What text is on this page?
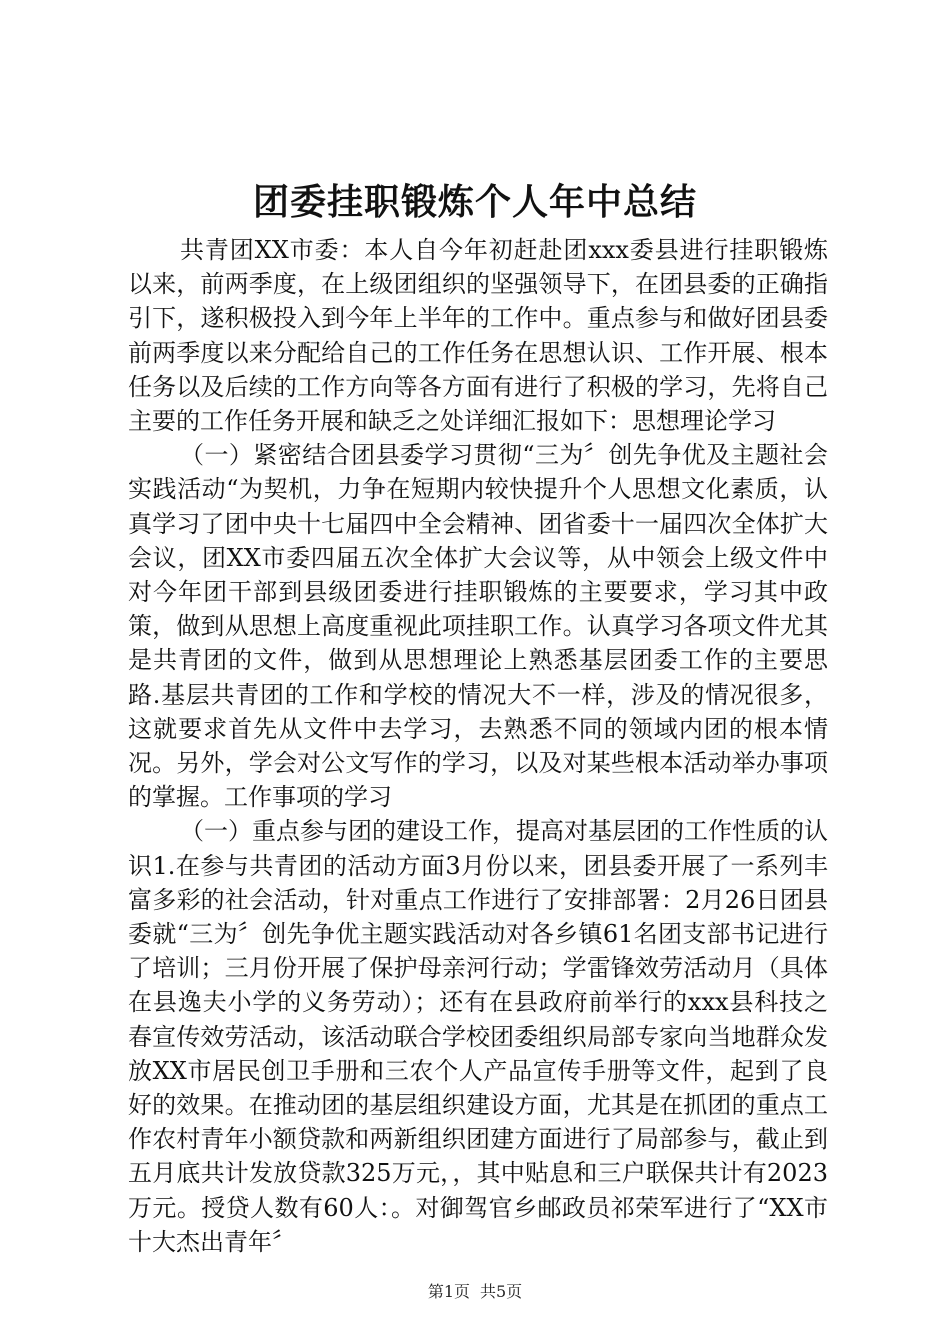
团委挂职锻炼个人年中总结

共青团XX市委：本人自今年初赶赴团xxx委县进行挂职锻炼以来，前两季度，在上级团组织的坚强领导下，在团县委的正确指引下，遂积极投入到今年上半年的工作中。重点参与和做好团县委前两季度以来分配给自己的工作任务在思想认识、工作开展、根本任务以及后续的工作方向等各方面有进行了积极的学习，先将自己主要的工作任务开展和缺乏之处详细汇报如下：思想理论学习

（一）紧密结合团县委学习贯彻“三为〞创先争优及主题社会实践活动“为契机，力争在短期内较快提升个人思想文化素质，认真学习了团中央十七届四中全会精神、团省委十一届四次全体扩大会议，团XX市委四届五次全体扩大会议等，从中领会上级文件中对今年团干部到县级团委进行挂职锻炼的主要要求，学习其中政策，做到从思想上高度重视此项挂职工作。认真学习各项文件尤其是共青团的文件，做到从思想理论上熟悉基层团委工作的主要思路.基层共青团的工作和学校的情况大不一样，涉及的情况很多，这就要求首先从文件中去学习，去熟悉不同的领域内团的根本情况。另外，学会对公文写作的学习，以及对某些根本活动举办事项的掌握。工作事项的学习

（一）重点参与团的建设工作，提高对基层团的工作性质的认识1.在参与共青团的活动方面3月份以来，团县委开展了一系列丰富多彩的社会活动，针对重点工作进行了安排部署：2月26日团县委就“三为〞创先争优主题实践活动对各乡镇61名团支部书记进行了培训；三月份开展了保护母亲河行动；学雷锋效劳活动月（具体在县逸夫小学的义务劳动）；还有在县政府前举行的xxx县科技之春宣传效劳活动，该活动联合学校团委组织局部专家向当地群众发放XX市居民创卫手册和三农个人产品宣传手册等文件，起到了良好的效果。在推动团的基层组织建设方面，尤其是在抓团的重点工作农村青年小额贷款和两新组织团建方面进行了局部参与，截止到五月底共计发放贷款325万元，，其中贴息和三户联保共计有2023万元。授贷人数有60人：。对御驾官乡邮政员祁荣军进行了“XX市十大杰出青年〞

第1页 共5页
